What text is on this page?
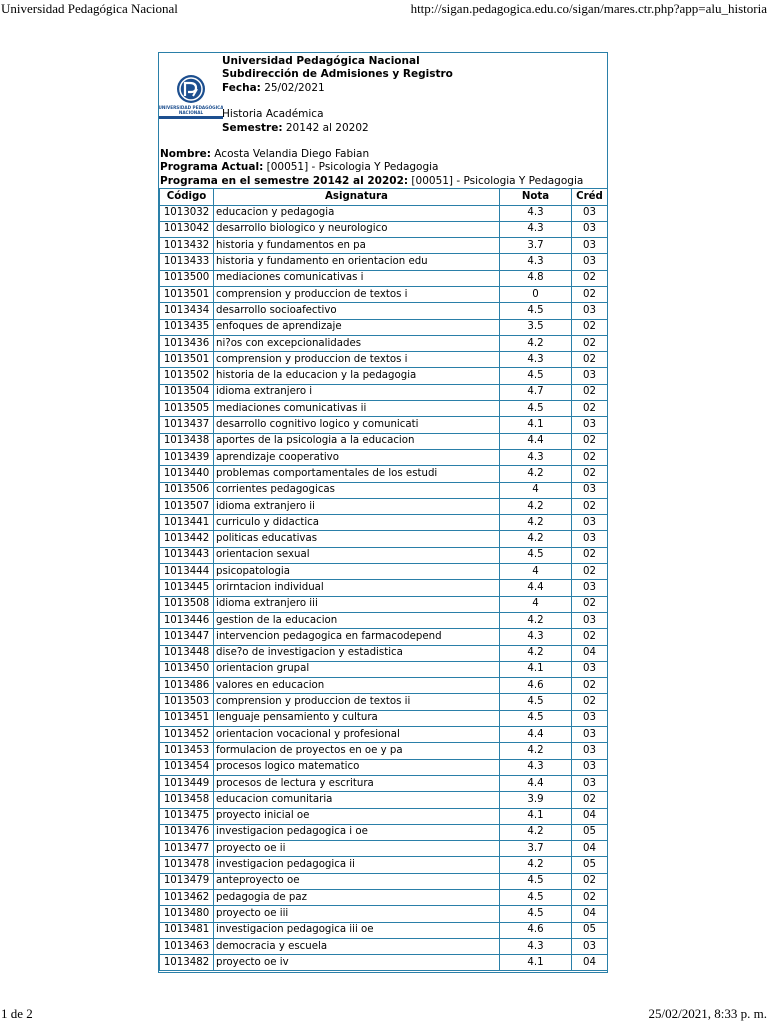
Universidad Pedagógica Nacional	http://sigan.pedagogica.edu.co/sigan/mares.ctr.php?app=alu_historia
UNIVERSIDAD PEDAGÓGICA
NACIONAL
Universidad Pedagógica Nacional
Subdirección de Admisiones y Registro
Fecha: 25/02/2021
Historia Académica
Semestre: 20142 al 20202
Nombre: Acosta Velandia Diego Fabian
Programa Actual: [00051] - Psicologia Y Pedagogia
Programa en el semestre 20142 al 20202: [00051] - Psicologia Y Pedagogia
Código	Asignatura	Nota	Créd
1013032	educacion y pedagogia	4.3	03
1013042	desarrollo biologico y neurologico	4.3	03
1013432	historia y fundamentos en pa	3.7	03
1013433	historia y fundamento en orientacion edu	4.3	03
1013500	mediaciones comunicativas i	4.8	02
1013501	comprension y produccion de textos i	0	02
1013434	desarrollo socioafectivo	4.5	03
1013435	enfoques de aprendizaje	3.5	02
1013436	ni?os con excepcionalidades	4.2	02
1013501	comprension y produccion de textos i	4.3	02
1013502	historia de la educacion y la pedagogia	4.5	03
1013504	idioma extranjero i	4.7	02
1013505	mediaciones comunicativas ii	4.5	02
1013437	desarrollo cognitivo logico y comunicati	4.1	03
1013438	aportes de la psicologia a la educacion	4.4	02
1013439	aprendizaje cooperativo	4.3	02
1013440	problemas comportamentales de los estudi	4.2	02
1013506	corrientes pedagogicas	4	03
1013507	idioma extranjero ii	4.2	02
1013441	curriculo y didactica	4.2	03
1013442	politicas educativas	4.2	03
1013443	orientacion sexual	4.5	02
1013444	psicopatologia	4	02
1013445	orirntacion individual	4.4	03
1013508	idioma extranjero iii	4	02
1013446	gestion de la educacion	4.2	03
1013447	intervencion pedagogica en farmacodepend	4.3	02
1013448	dise?o de investigacion y estadistica	4.2	04
1013450	orientacion grupal	4.1	03
1013486	valores en educacion	4.6	02
1013503	comprension y produccion de textos ii	4.5	02
1013451	lenguaje pensamiento y cultura	4.5	03
1013452	orientacion vocacional y profesional	4.4	03
1013453	formulacion de proyectos en oe y pa	4.2	03
1013454	procesos logico matematico	4.3	03
1013449	procesos de lectura y escritura	4.4	03
1013458	educacion comunitaria	3.9	02
1013475	proyecto inicial oe	4.1	04
1013476	investigacion pedagogica i oe	4.2	05
1013477	proyecto oe ii	3.7	04
1013478	investigacion pedagogica ii	4.2	05
1013479	anteproyecto oe	4.5	02
1013462	pedagogia de paz	4.5	02
1013480	proyecto oe iii	4.5	04
1013481	investigacion pedagogica iii oe	4.6	05
1013463	democracia y escuela	4.3	03
1013482	proyecto oe iv	4.1	04
1 de 2	25/02/2021, 8:33 p. m.
